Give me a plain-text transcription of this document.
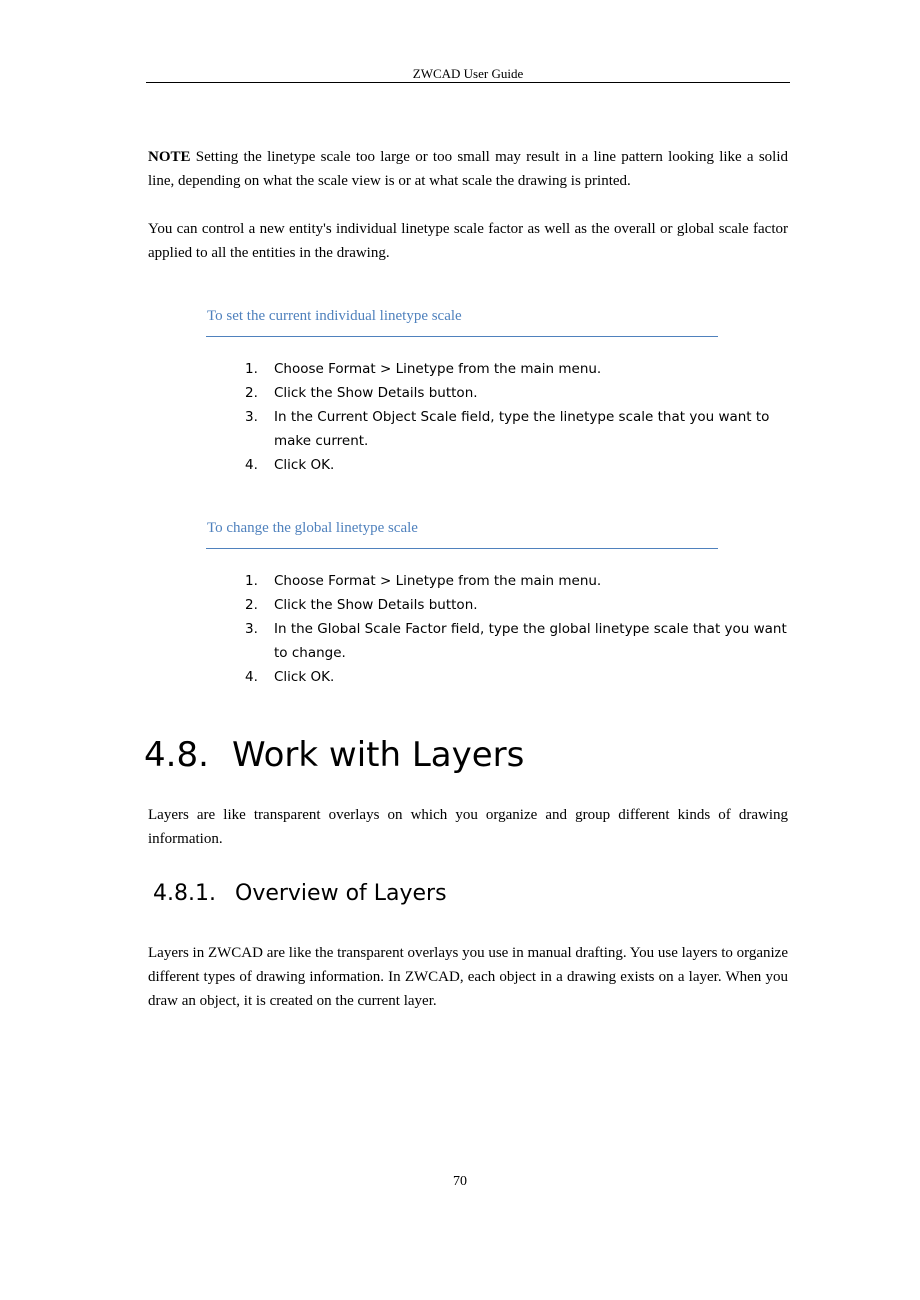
ZWCAD User Guide
NOTE Setting the linetype scale too large or too small may result in a line pattern looking like a solid line, depending on what the scale view is or at what scale the drawing is printed.
You can control a new entity's individual linetype scale factor as well as the overall or global scale factor applied to all the entities in the drawing.
To set the current individual linetype scale
1. Choose Format > Linetype from the main menu.
2. Click the Show Details button.
3. In the Current Object Scale field, type the linetype scale that you want to make current.
4. Click OK.
To change the global linetype scale
1. Choose Format > Linetype from the main menu.
2. Click the Show Details button.
3. In the Global Scale Factor field, type the global linetype scale that you want to change.
4. Click OK.
4.8. Work with Layers
Layers are like transparent overlays on which you organize and group different kinds of drawing information.
4.8.1. Overview of Layers
Layers in ZWCAD are like the transparent overlays you use in manual drafting. You use layers to organize different types of drawing information. In ZWCAD, each object in a drawing exists on a layer. When you draw an object, it is created on the current layer.
70
